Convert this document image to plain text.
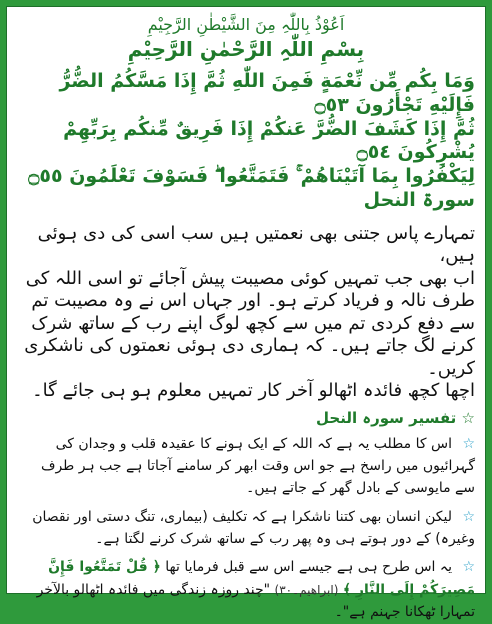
اَعُوْذُ بِاللّٰہِ مِنَ الشَّیْطٰنِ الرَّجِیْمِ

بِسْمِ اللّٰہِ الرَّحْمٰنِ الرَّحِیْمِ

وَمَا بِكُم مِّن نِّعْمَةٍ فَمِنَ اللّٰهِ ثُمَّ إِذَا مَسَّكُمُ الضُّرُّ فَإِلَيْهِ تَجْأَرُونَ ۝٥٣

ثُمَّ إِذَا كَشَفَ الضُّرَّ عَنكُمْ إِذَا فَرِيقٌ مِّنكُم بِرَبِّهِمْ يُشْرِكُونَ ۝٥٤

لِيَكْفُرُوا بِمَا آتَيْنَاهُمْ ۚ فَتَمَتَّعُوا ۖ فَسَوْفَ تَعْلَمُونَ ۝٥٥ سورۃ النحل

تمہارے پاس جتنی بھی نعمتیں ہیں سب اسی کی دی ہوئی ہیں،

اب بھی جب تمہیں کوئی مصیبت پیش آجائے تو اسی اللہ کی

طرف نالہ و فریاد کرتے ہو۔ اور جہاں اس نے وہ مصیبت تم

سے دفع کردی تم میں سے کچھ لوگ اپنے رب کے ساتھ شرک

کرنے لگ جاتے ہیں۔ کہ ہماری دی ہوئی نعمتوں کی ناشکری کریں۔

اچھا کچھ فائدہ اٹھالو آخر کار تمہیں معلوم ہو ہی جائے گا۔

☆ تفسیر سورہ النحل
☆ اس کا مطلب یہ ہے کہ اللہ کے ایک ہونے کا عقیدہ قلب و وجدان کی گہرائیوں میں راسخ ہے جو اس وقت ابھر کر سامنے آجاتا ہے جب ہر طرف سے مایوسی کے بادل گھر کے جاتے ہیں۔
☆ لیکن انسان بھی کتنا ناشکرا ہے کہ تکلیف (بیماری، تنگ دستی اور نقصان وغیرہ) کے دور ہوتے ہی وہ پھر رب کے ساتھ شرک کرنے لگتا ہے۔
☆ یہ اس طرح ہی ہے جیسے اس سے قبل فرمایا تھا ﴿ قُلْ تَمَتَّعُوا فَإِنَّ مَصِيرَكُمْ إِلَى النَّارِ ﴾ (ابراھیم۔۳۰) "چند روزہ زندگی میں فائدہ اٹھالو بالآخر تمہارا ٹھکانا جہنم ہے"۔
